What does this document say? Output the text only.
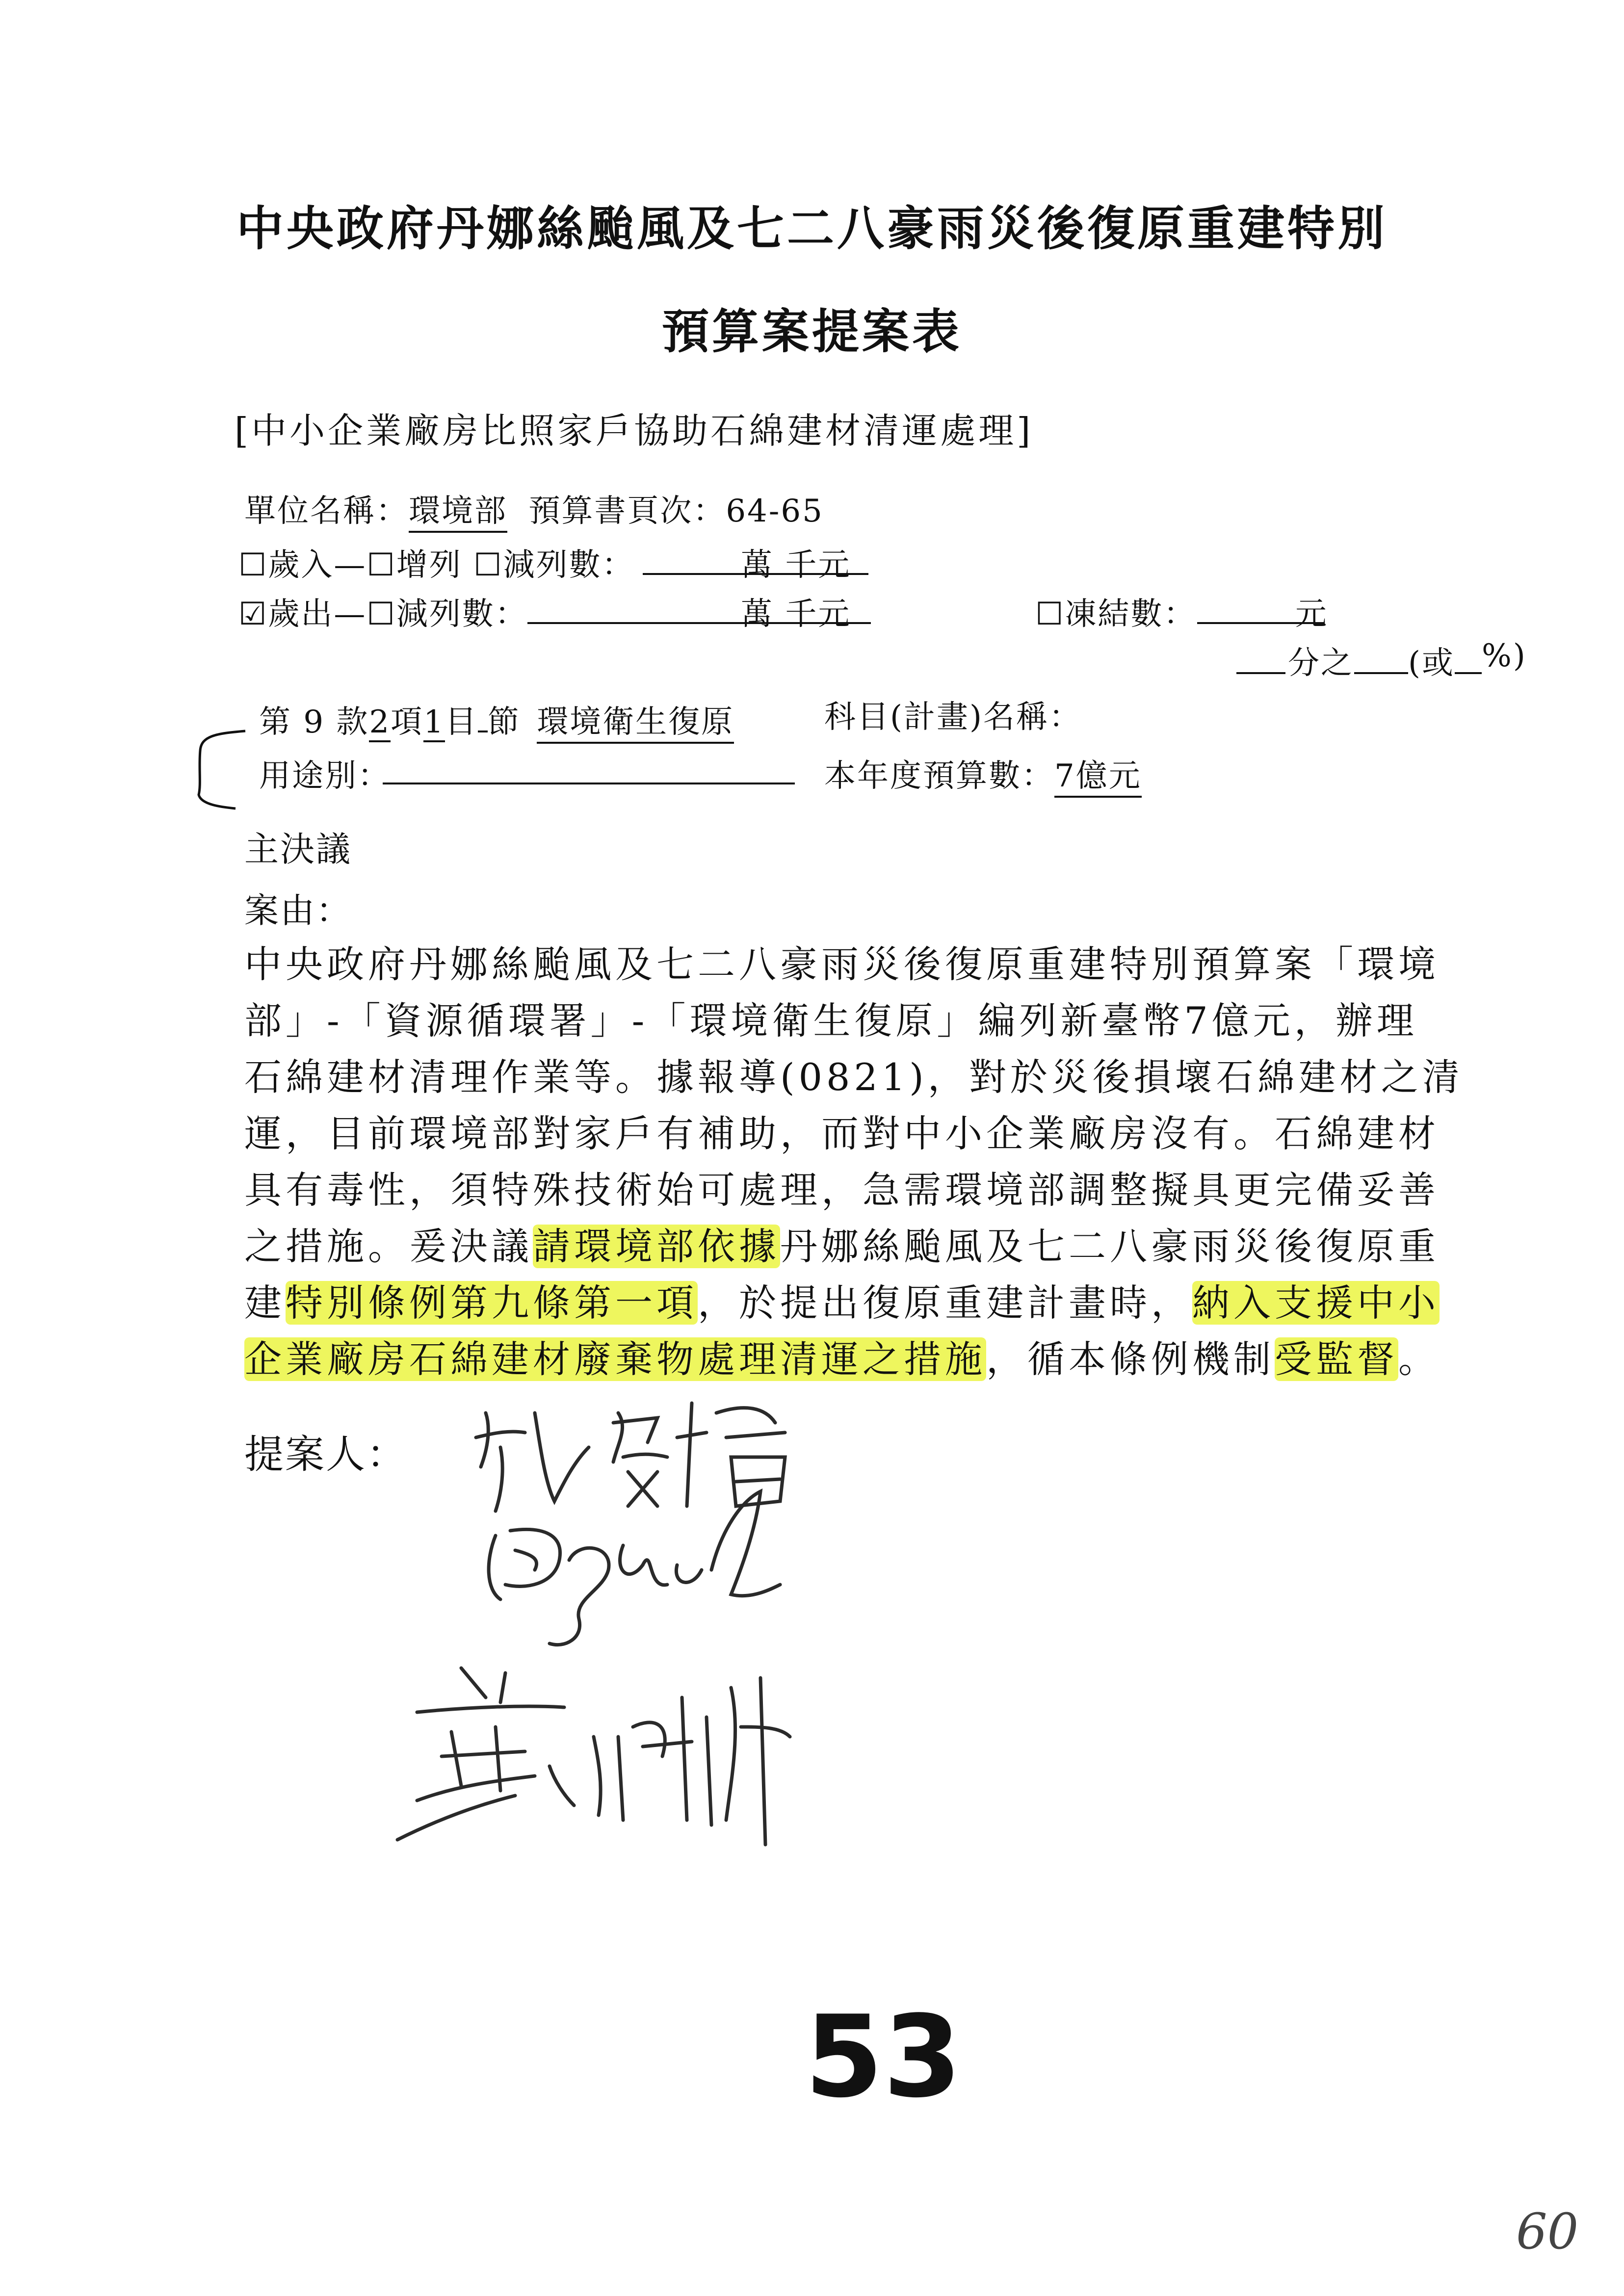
中央政府丹娜絲颱風及七二八豪雨災後復原重建特別
預算案提案表
[中小企業廠房比照家戶協助石綿建材清運處理]
單位名稱：環境部 預算書頁次：64-65
☐歲入—☐增列 ☐減列數：	萬 千元
☑歲出—☐減列數：	萬 千元	☐凍結數：	元
分之 (或 %)
第 9 款2項1目 節 環境衛生復原	科目(計畫)名稱：
用途別：	本年度預算數：7億元
主決議
案由：
中央政府丹娜絲颱風及七二八豪雨災後復原重建特別預算案「環境
部」-「資源循環署」-「環境衛生復原」編列新臺幣7億元，辦理
石綿建材清理作業等。據報導(0821)，對於災後損壞石綿建材之清
運，目前環境部對家戶有補助，而對中小企業廠房沒有。石綿建材
具有毒性，須特殊技術始可處理，急需環境部調整擬具更完備妥善
之措施。爰決議請環境部依據丹娜絲颱風及七二八豪雨災後復原重
建特別條例第九條第一項，於提出復原重建計畫時，納入支援中小
企業廠房石綿建材廢棄物處理清運之措施，循本條例機制受監督。
提案人：
53
60
